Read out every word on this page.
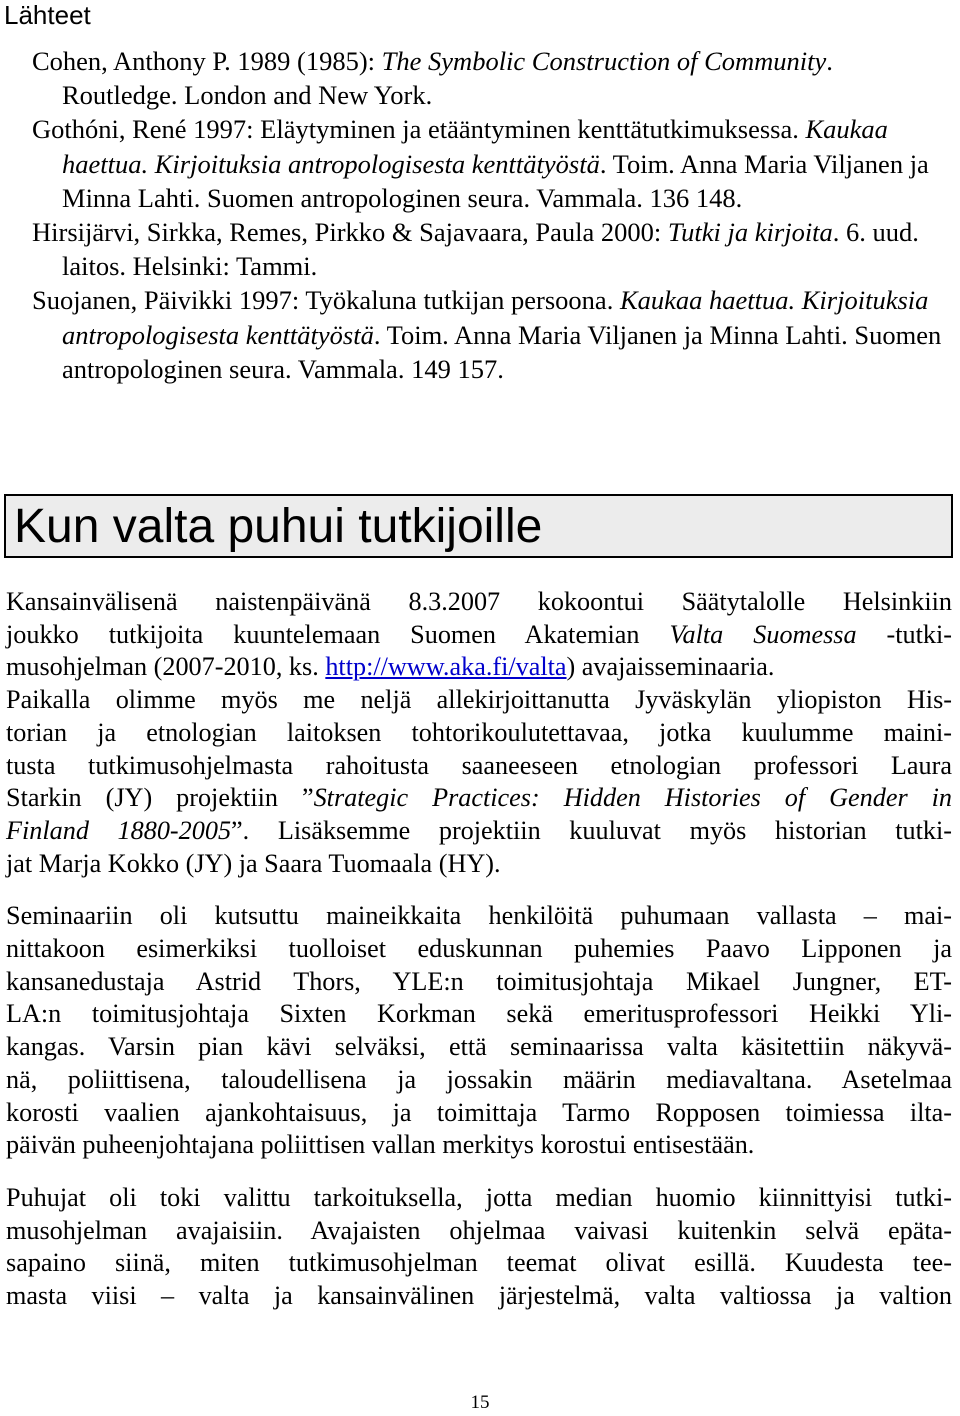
Lähteet
Cohen, Anthony P. 1989 (1985): The Symbolic Construction of Community. Routledge. London and New York.
Gothóni, René 1997: Eläytyminen ja etääntyminen kenttätutkimuksessa. Kaukaa haettua. Kirjoituksia antropologisesta kenttätyöstä. Toim. Anna Maria Viljanen ja Minna Lahti. Suomen antropologinen seura. Vammala. 136 148.
Hirsijärvi, Sirkka, Remes, Pirkko & Sajavaara, Paula 2000: Tutki ja kirjoita. 6. uud. laitos. Helsinki: Tammi.
Suojanen, Päivikki 1997: Työkaluna tutkijan persoona. Kaukaa haettua. Kirjoituksia antropologisesta kenttätyöstä. Toim. Anna Maria Viljanen ja Minna Lahti. Suomen antropologinen seura. Vammala. 149 157.
Kun valta puhui tutkijoille
Kansainvälisenä naistenpäivänä 8.3.2007 kokoontui Säätytalolle Helsinkiin
joukko tutkijoita kuuntelemaan Suomen Akatemian Valta Suomessa -tutki-
musohjelman (2007-2010, ks. http://www.aka.fi/valta) avajaisseminaaria.
Paikalla olimme myös me neljä allekirjoittanutta Jyväskylän yliopiston His-
torian ja etnologian laitoksen tohtorikoulutettavaa, jotka kuulumme maini-
tusta tutkimusohjelmasta rahoitusta saaneeseen etnologian professori Laura
Starkin (JY) projektiin ”Strategic Practices: Hidden Histories of Gender in
Finland 1880-2005”. Lisäksemme projektiin kuuluvat myös historian tutki-
jat Marja Kokko (JY) ja Saara Tuomaala (HY).
Seminaariin oli kutsuttu maineikkaita henkilöitä puhumaan vallasta – mai-
nittakoon esimerkiksi tuolloiset eduskunnan puhemies Paavo Lipponen ja
kansanedustaja Astrid Thors, YLE:n toimitusjohtaja Mikael Jungner, ET-
LA:n toimitusjohtaja Sixten Korkman sekä emeritusprofessori Heikki Yli-
kangas. Varsin pian kävi selväksi, että seminaarissa valta käsitettiin näkyvä-
nä, poliittisena, taloudellisena ja jossakin määrin mediavaltana. Asetelmaa
korosti vaalien ajankohtaisuus, ja toimittaja Tarmo Ropposen toimiessa ilta-
päivän puheenjohtajana poliittisen vallan merkitys korostui entisestään.
Puhujat oli toki valittu tarkoituksella, jotta median huomio kiinnittyisi tutki-
musohjelman avajaisiin. Avajaisten ohjelmaa vaivasi kuitenkin selvä epäta-
sapaino siinä, miten tutkimusohjelman teemat olivat esillä. Kuudesta tee-
masta viisi – valta ja kansainvälinen järjestelmä, valta valtiossa ja valtion
15
